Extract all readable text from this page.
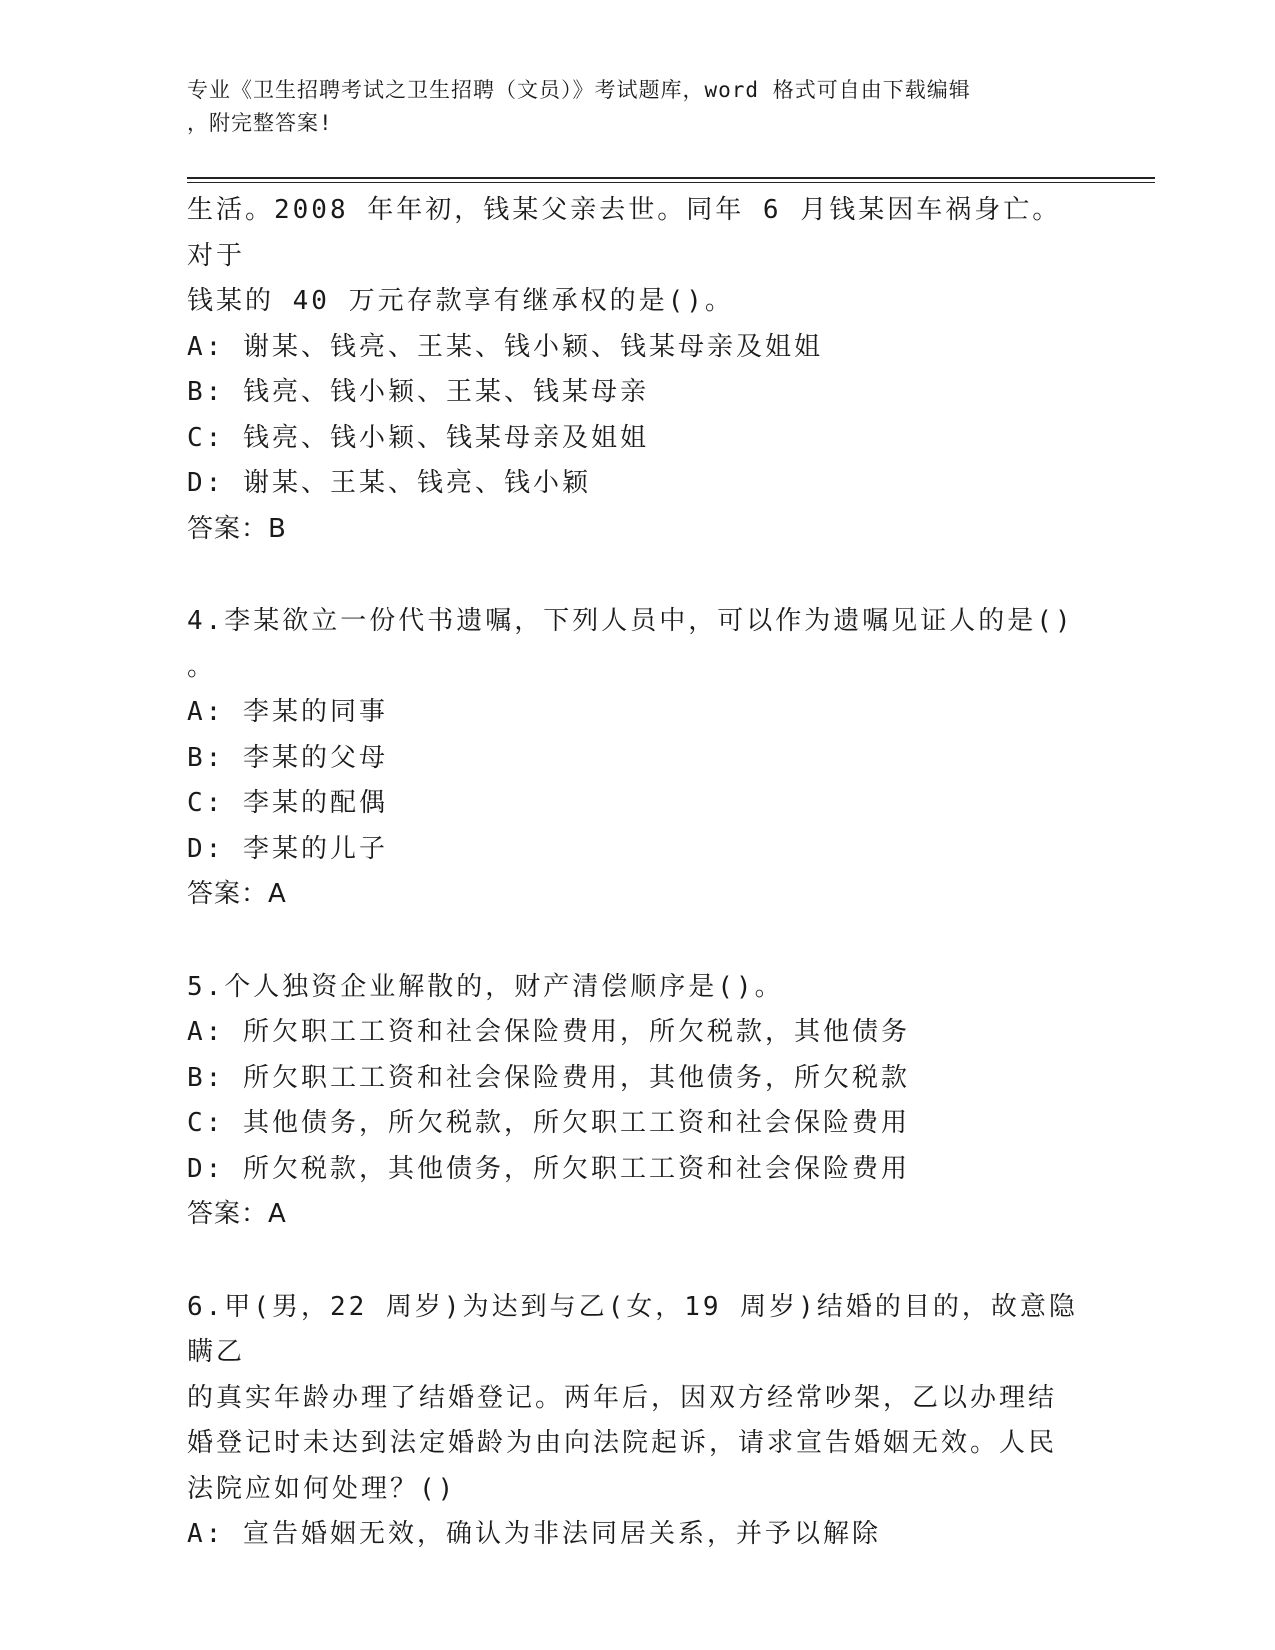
专业《卫生招聘考试之卫生招聘（文员）》考试题库，word 格式可自由下载编辑
，附完整答案!
生活。2008 年年初，钱某父亲去世。同年 6 月钱某因车祸身亡。对于
钱某的 40 万元存款享有继承权的是()。
A: 谢某、钱亮、王某、钱小颖、钱某母亲及姐姐
B: 钱亮、钱小颖、王某、钱某母亲
C: 钱亮、钱小颖、钱某母亲及姐姐
D: 谢某、王某、钱亮、钱小颖
答案：B
4.李某欲立一份代书遗嘱，下列人员中，可以作为遗嘱见证人的是()
。
A: 李某的同事
B: 李某的父母
C: 李某的配偶
D: 李某的儿子
答案：A
5.个人独资企业解散的，财产清偿顺序是()。
A: 所欠职工工资和社会保险费用，所欠税款，其他债务
B: 所欠职工工资和社会保险费用，其他债务，所欠税款
C: 其他债务，所欠税款，所欠职工工资和社会保险费用
D: 所欠税款，其他债务，所欠职工工资和社会保险费用
答案：A
6.甲(男，22 周岁)为达到与乙(女，19 周岁)结婚的目的，故意隐瞒乙
的真实年龄办理了结婚登记。两年后，因双方经常吵架，乙以办理结
婚登记时未达到法定婚龄为由向法院起诉，请求宣告婚姻无效。人民
法院应如何处理？()
A: 宣告婚姻无效，确认为非法同居关系，并予以解除
